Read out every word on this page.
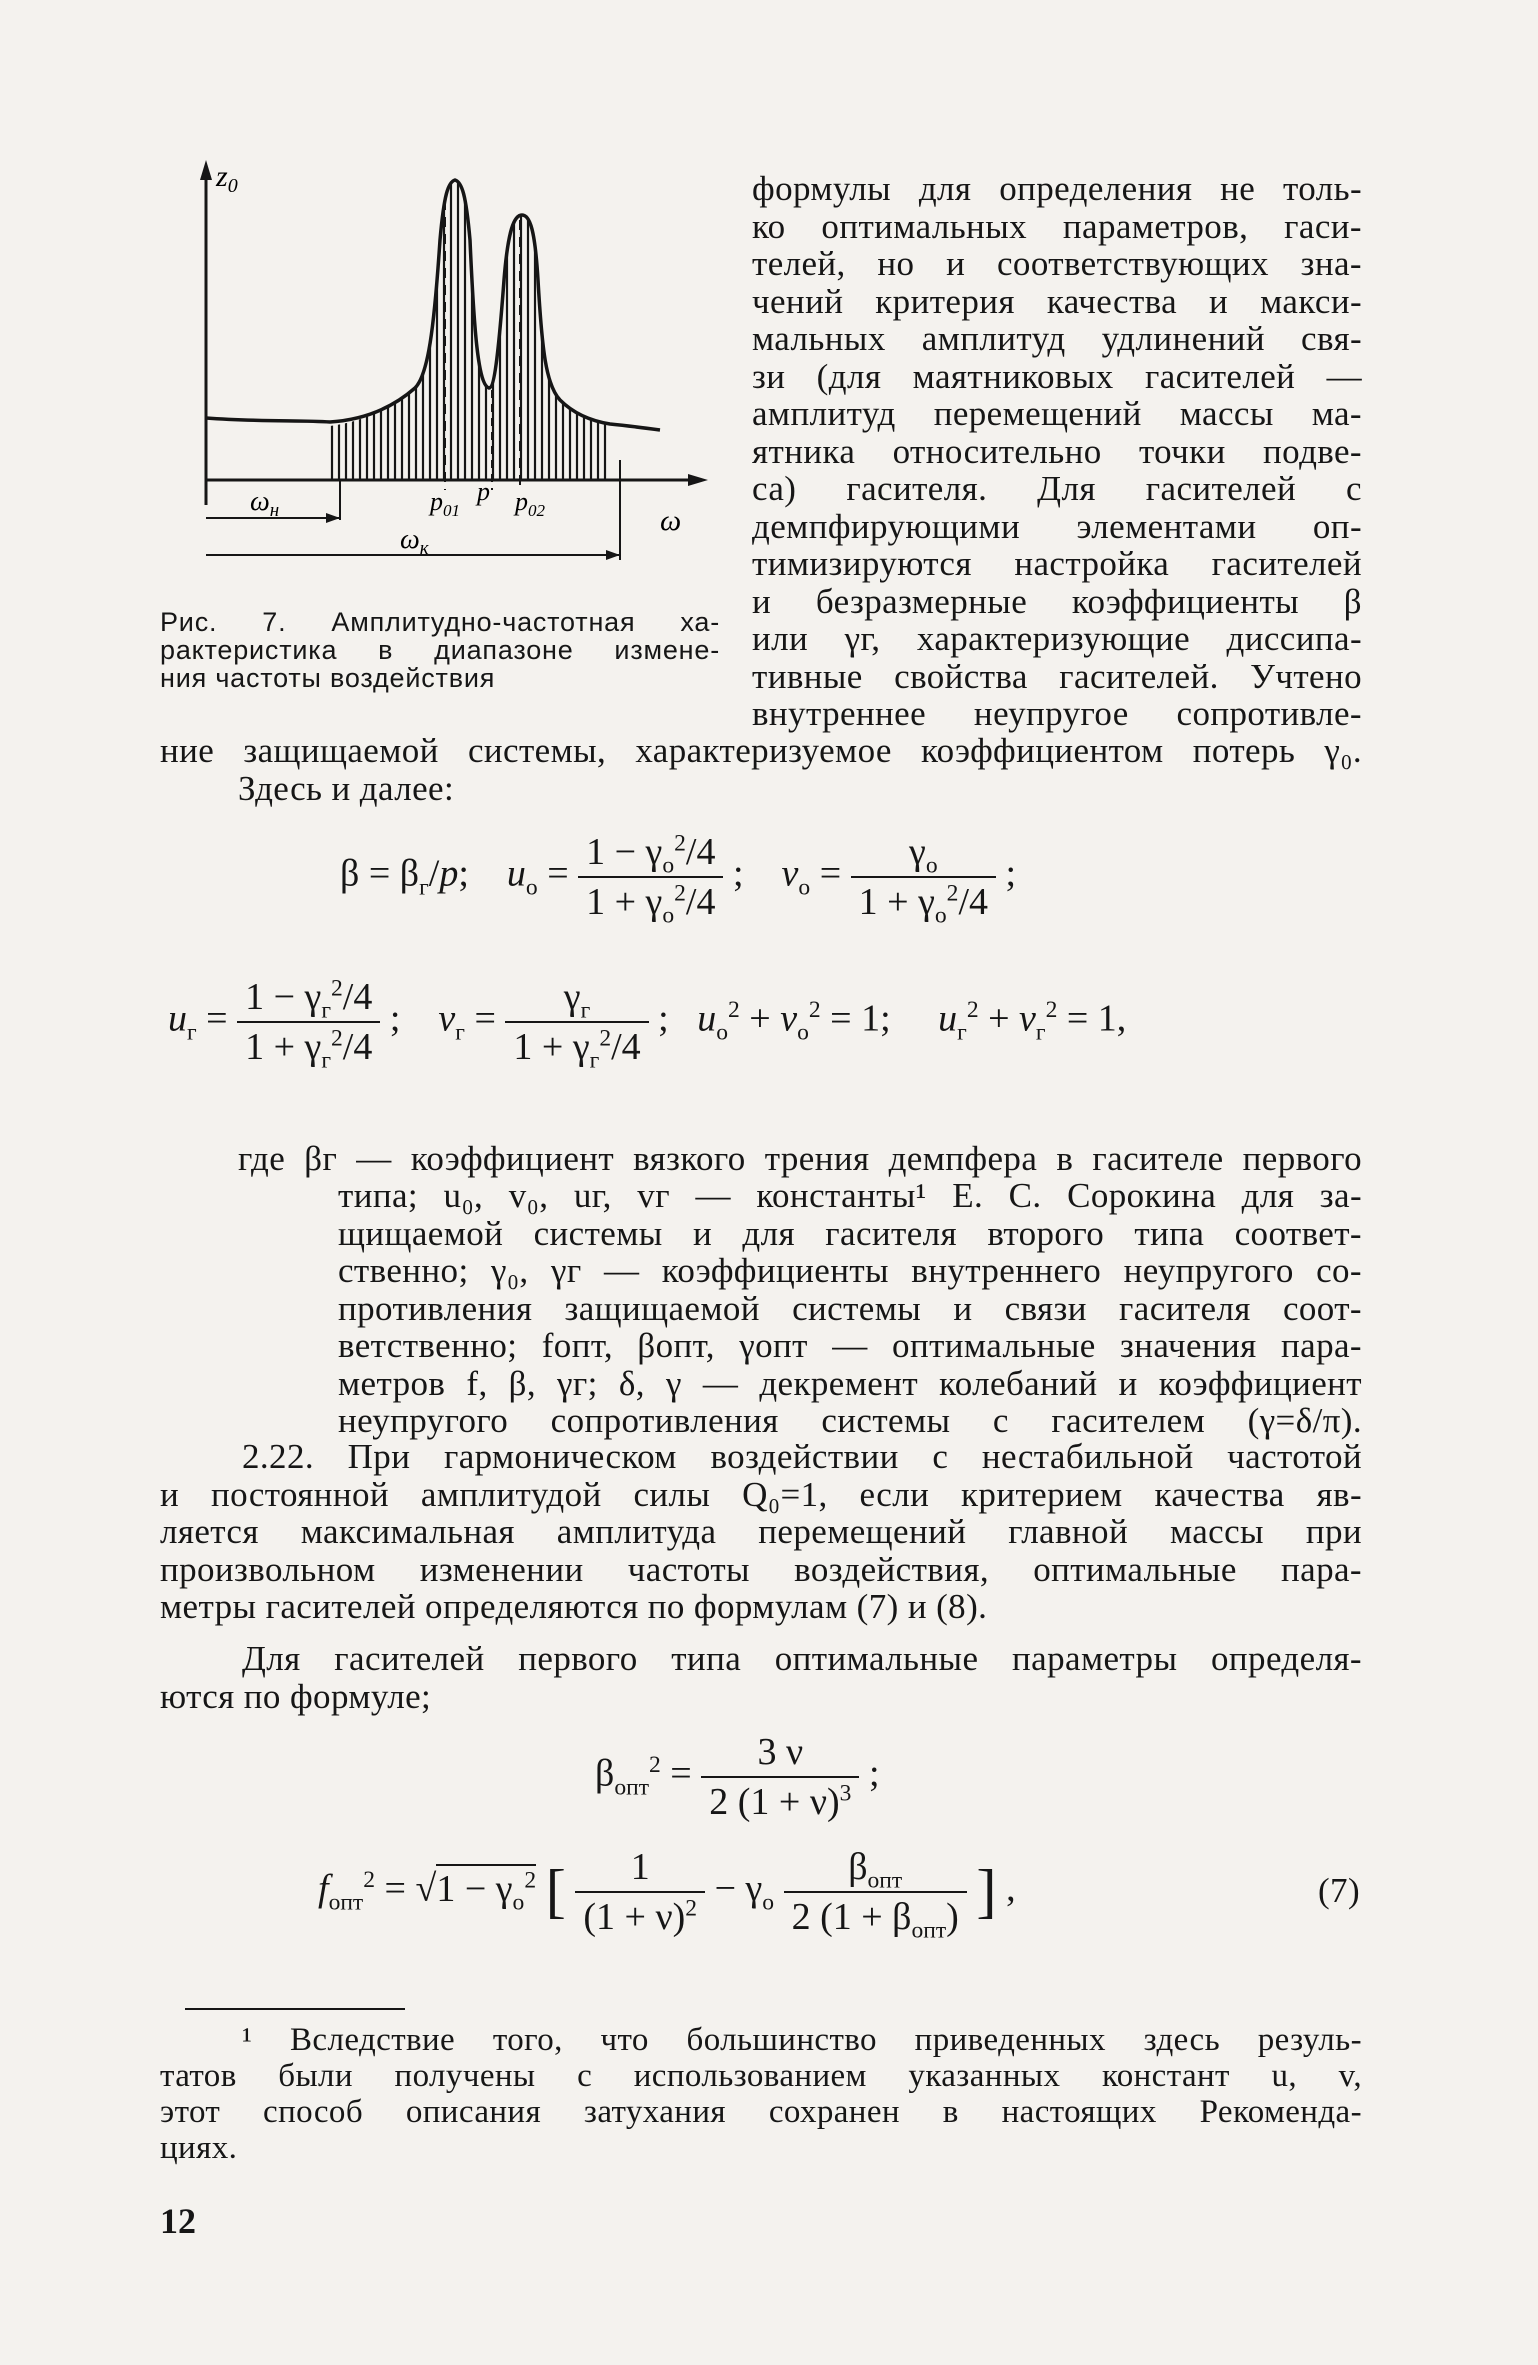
$z_0$
ω
$\omega_н$
$\omega_к$
$p_{01}$
p $p_{02}$
Рис. 7. Амплитудно-частотная ха-
рактеристика в диапазоне измене-
ния частоты воздействия
формулы для определения не толь-
ко оптимальных параметров, гаси-
телей, но и соответствующих зна-
чений критерия качества и макси-
мальных амплитуд удлинений свя-
зи (для маятниковых гасителей —
амплитуд перемещений массы ма-
ятника относительно точки подве-
са) гасителя. Для гасителей с
демпфирующими элементами оп-
тимизируются настройка гасителей
и безразмерные коэффициенты β
или γг, характеризующие диссипа-
тивные свойства гасителей. Учтено
внутреннее неупругое сопротивле-
ние защищаемой системы, характеризуемое коэффициентом потерь γ₀.
Здесь и далее:
$\beta = \beta_г/p$;    $u_о = \frac{1 - \gamma_о^2/4}{1 + \gamma_о^2/4}$ ;    $v_о = \frac{\gamma_о}{1 + \gamma_о^2/4}$ ;
$u_г = \frac{1 - \gamma_г^2/4}{1 + \gamma_г^2/4}$ ;    $v_г = \frac{\gamma_г}{1 + \gamma_г^2/4}$ ;   $u_о^2 + v_о^2 = 1$;     $u_г^2 + v_г^2 = 1$,
где βг — коэффициент вязкого трения демпфера в гасителе первого
типа; u₀, v₀, uг, vг — константы¹ Е. С. Сорокина для за-
щищаемой системы и для гасителя второго типа соответ-
ственно; γ₀, γг — коэффициенты внутреннего неупругого со-
противления защищаемой системы и связи гасителя соот-
ветственно; fопт, βопт, γопт — оптимальные значения пара-
метров f, β, γг; δ, γ — декремент колебаний и коэффициент
неупругого сопротивления системы с гасителем (γ=δ/π).
2.22. При гармоническом воздействии с нестабильной частотой
и постоянной амплитудой силы Q₀=1, если критерием качества яв-
ляется максимальная амплитуда перемещений главной массы при
произвольном изменении частоты воздействия, оптимальные пара-
метры гасителей определяются по формулам (7) и (8).
Для гасителей первого типа оптимальные параметры определя-
ются по формуле;
$\beta_{опт}^2 = \frac{3 \nu}{2 (1 + \nu)^3}$ ;
$f_{опт}^2 = √1 - \gamma_о^2$ [ $\frac{1}{(1 + \nu)^2} - \gamma_о \frac{\beta_{опт}}{2 (1 + \beta_{опт})}$ ] ,	(7)
¹ Вследствие того, что большинство приведенных здесь резуль-
татов были получены с использованием указанных констант u, v,
этот способ описания затухания сохранен в настоящих Рекоменда-
циях.
12
